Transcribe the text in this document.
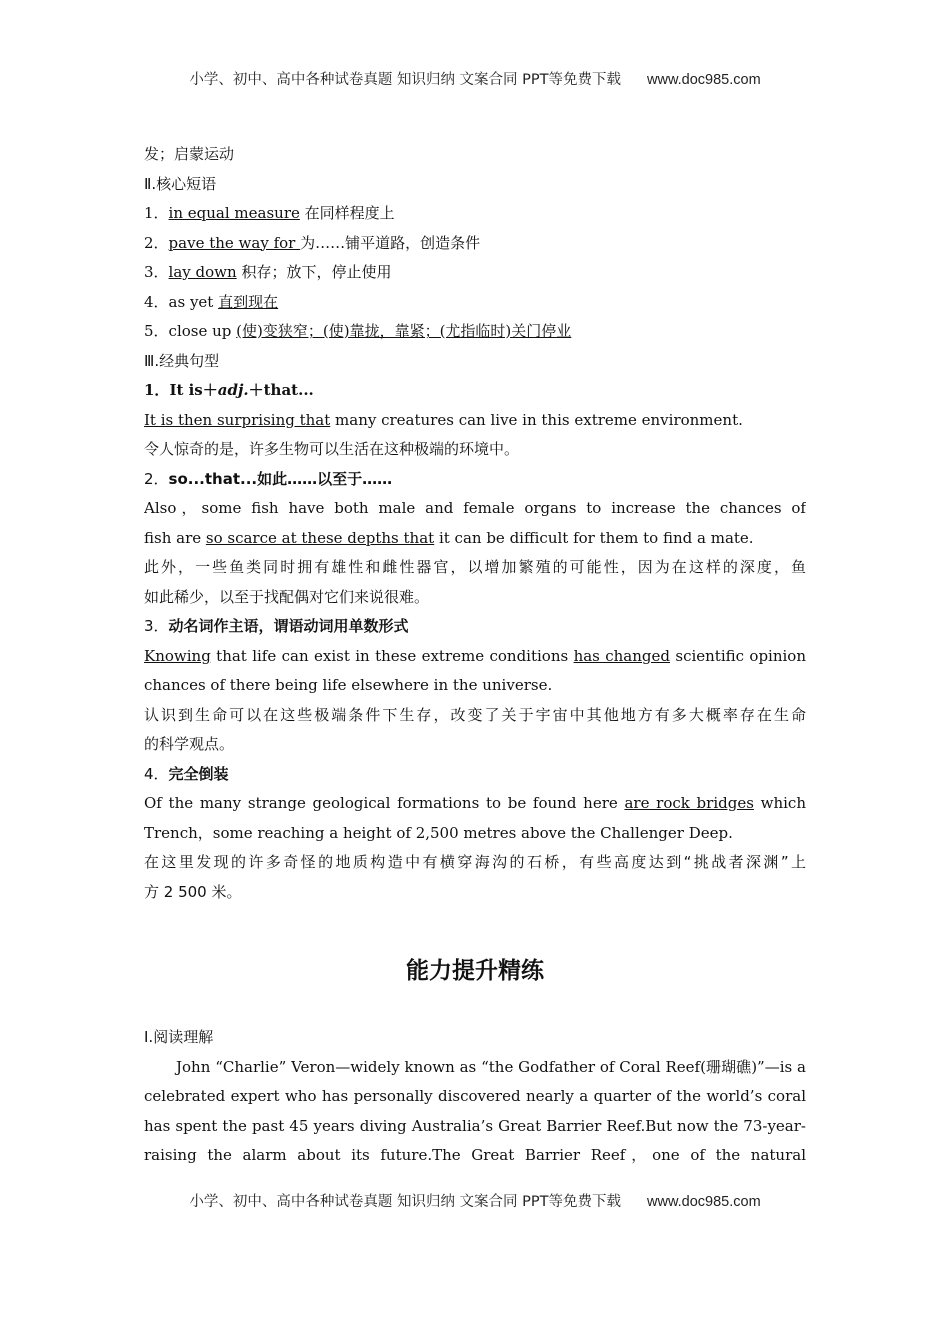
小学、初中、高中各种试卷真题 知识归纳 文案合同 PPT等免费下载 www.doc985.com
发；启蒙运动
Ⅱ.核心短语
1．in equal measure 在同样程度上
2．pave the way for 为……铺平道路，创造条件
3．lay down 积存；放下，停止使用
4．as yet 直到现在
5．close up (使)变狭窄；(使)靠拢，靠紧；(尤指临时)关门停业
Ⅲ.经典句型
1．It is＋adj.＋that...
It is then surprising that many creatures can live in this extreme environment.
令人惊奇的是，许多生物可以生活在这种极端的环境中。
2．so...that...如此……以至于……
Also，some fish have both male and female organs to increase the chances of
fish are so scarce at these depths that it can be difficult for them to find a mate.
此外，一些鱼类同时拥有雄性和雌性器官，以增加繁殖的可能性，因为在这样的深度，鱼
如此稀少，以至于找配偶对它们来说很难。
3．动名词作主语，谓语动词用单数形式
Knowing that life can exist in these extreme conditions has changed scientific opinion
chances of there being life elsewhere in the universe.
认识到生命可以在这些极端条件下生存，改变了关于宇宙中其他地方有多大概率存在生命
的科学观点。
4．完全倒装
Of the many strange geological formations to be found here are rock bridges which
Trench，some reaching a height of 2,500 metres above the Challenger Deep.
在这里发现的许多奇怪的地质构造中有横穿海沟的石桥，有些高度达到“挑战者深渊”上
方 2 500 米。
能力提升精练
Ⅰ.阅读理解
John “Charlie” Veron—widely known as “the Godfather of Coral Reef(珊瑚礁)”—is a
celebrated expert who has personally discovered nearly a quarter of the world’s coral
has spent the past 45 years diving Australia’s Great Barrier Reef.But now the 73-year-
raising the alarm about its future.The Great Barrier Reef，one of the natural
小学、初中、高中各种试卷真题 知识归纳 文案合同 PPT等免费下载 www.doc985.com
